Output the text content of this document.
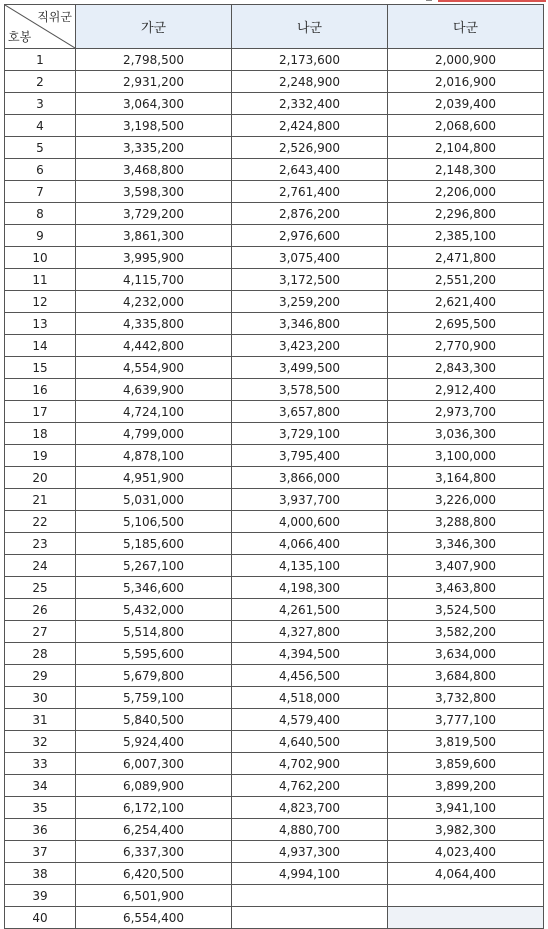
직위군
호봉	가군	나군	다군
1	2,798,500	2,173,600	2,000,900
2	2,931,200	2,248,900	2,016,900
3	3,064,300	2,332,400	2,039,400
4	3,198,500	2,424,800	2,068,600
5	3,335,200	2,526,900	2,104,800
6	3,468,800	2,643,400	2,148,300
7	3,598,300	2,761,400	2,206,000
8	3,729,200	2,876,200	2,296,800
9	3,861,300	2,976,600	2,385,100
10	3,995,900	3,075,400	2,471,800
11	4,115,700	3,172,500	2,551,200
12	4,232,000	3,259,200	2,621,400
13	4,335,800	3,346,800	2,695,500
14	4,442,800	3,423,200	2,770,900
15	4,554,900	3,499,500	2,843,300
16	4,639,900	3,578,500	2,912,400
17	4,724,100	3,657,800	2,973,700
18	4,799,000	3,729,100	3,036,300
19	4,878,100	3,795,400	3,100,000
20	4,951,900	3,866,000	3,164,800
21	5,031,000	3,937,700	3,226,000
22	5,106,500	4,000,600	3,288,800
23	5,185,600	4,066,400	3,346,300
24	5,267,100	4,135,100	3,407,900
25	5,346,600	4,198,300	3,463,800
26	5,432,000	4,261,500	3,524,500
27	5,514,800	4,327,800	3,582,200
28	5,595,600	4,394,500	3,634,000
29	5,679,800	4,456,500	3,684,800
30	5,759,100	4,518,000	3,732,800
31	5,840,500	4,579,400	3,777,100
32	5,924,400	4,640,500	3,819,500
33	6,007,300	4,702,900	3,859,600
34	6,089,900	4,762,200	3,899,200
35	6,172,100	4,823,700	3,941,100
36	6,254,400	4,880,700	3,982,300
37	6,337,300	4,937,300	4,023,400
38	6,420,500	4,994,100	4,064,400
39	6,501,900		
40	6,554,400		
